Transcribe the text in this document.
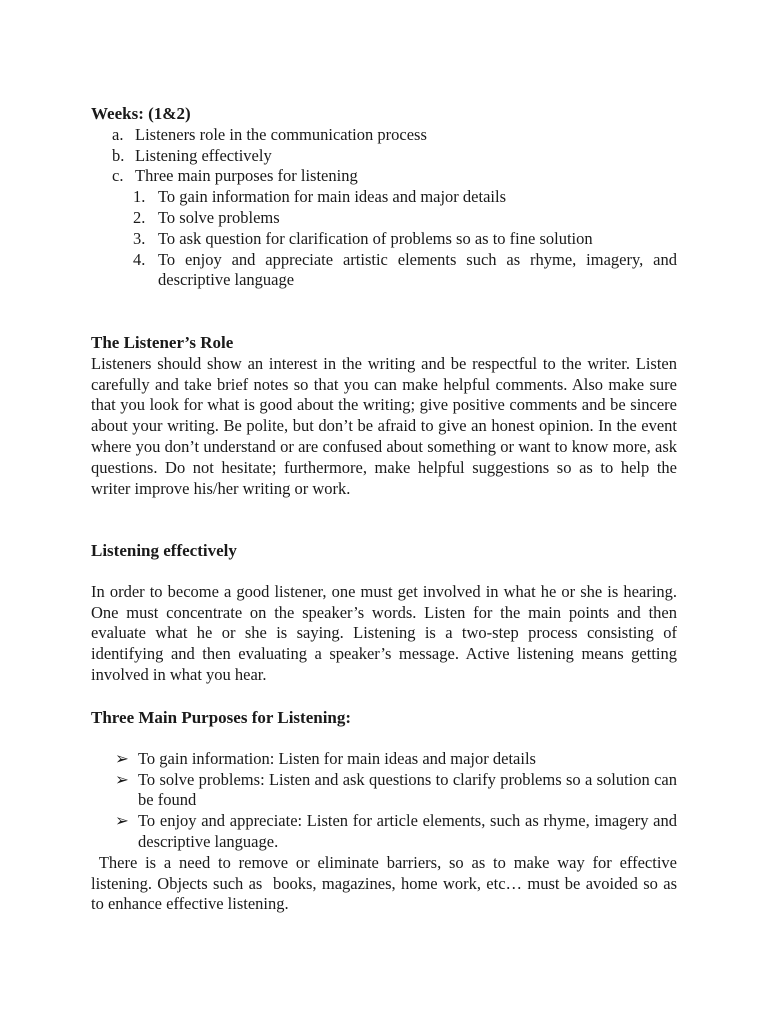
Weeks: (1&2)
a. Listeners role in the communication process
b. Listening effectively
c. Three main purposes for listening
1. To gain information for main ideas and major details
2. To solve problems
3. To ask question for clarification of problems so as to fine solution
4. To enjoy and appreciate artistic elements such as rhyme, imagery, and descriptive language
The Listener’s Role

Listeners should show an interest in the writing and be respectful to the writer. Listen carefully and take brief notes so that you can make helpful comments. Also make sure that you look for what is good about the writing; give positive comments and be sincere about your writing. Be polite, but don’t be afraid to give an honest opinion. In the event where you don’t understand or are confused about something or want to know more, ask questions. Do not hesitate; furthermore, make helpful suggestions so as to help the writer improve his/her writing or work.

Listening effectively

In order to become a good listener, one must get involved in what he or she is hearing. One must concentrate on the speaker’s words. Listen for the main points and then evaluate what he or she is saying. Listening is a two-step process consisting of identifying and then evaluating a speaker’s message. Active listening means getting involved in what you hear.

Three Main Purposes for Listening:
➢ To gain information: Listen for main ideas and major details
➢ To solve problems: Listen and ask questions to clarify problems so a solution can be found
➢ To enjoy and appreciate: Listen for article elements, such as rhyme, imagery and descriptive language.

There is a need to remove or eliminate barriers, so as to make way for effective listening. Objects such as  books, magazines, home work, etc… must be avoided so as to enhance effective listening.
